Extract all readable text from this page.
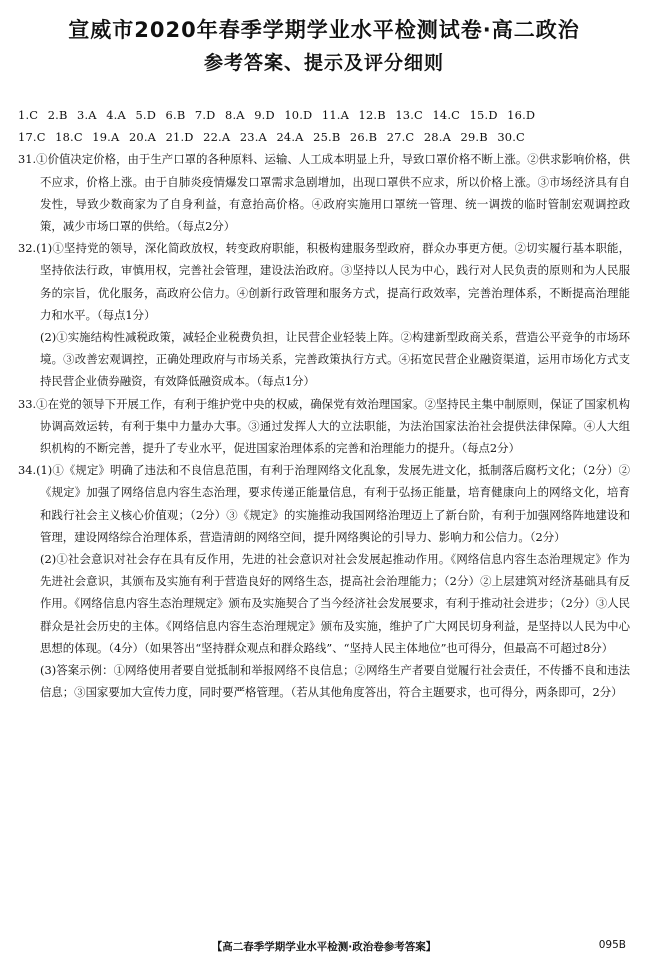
宣威市2020年春季学期学业水平检测试卷·高二政治
参考答案、提示及评分细则
1.C 2.B 3.A 4.A 5.D 6.B 7.D 8.A 9.D 10.D 11.A 12.B 13.C 14.C 15.D 16.D
17.C 18.C 19.A 20.A 21.D 22.A 23.A 24.A 25.B 26.B 27.C 28.A 29.B 30.C

31.①价值决定价格，由于生产口罩的各种原料、运输、人工成本明显上升，导致口罩价格不断上涨。②供求影响价格，供不应求，价格上涨。由于自肺炎疫情爆发口罩需求急剧增加，出现口罩供不应求，所以价格上涨。③市场经济具有自发性，导致少数商家为了自身利益，有意抬高价格。④政府实施用口罩统一管理、统一调拨的临时管制宏观调控政策，减少市场口罩的供给。（每点2分）

32.(1)①坚持党的领导，深化简政放权，转变政府职能，积极构建服务型政府，群众办事更方便。②切实履行基本职能，坚持依法行政，审慎用权，完善社会管理，建设法治政府。③坚持以人民为中心，践行对人民负责的原则和为人民服务的宗旨，优化服务，高政府公信力。④创新行政管理和服务方式，提高行政效率，完善治理体系，不断提高治理能力和水平。（每点1分）

(2)①实施结构性减税政策，减轻企业税费负担，让民营企业轻装上阵。②构建新型政商关系，营造公平竞争的市场环境。③改善宏观调控，正确处理政府与市场关系，完善政策执行方式。④拓宽民营企业融资渠道，运用市场化方式支持民营企业债券融资，有效降低融资成本。（每点1分）

33.①在党的领导下开展工作，有利于维护党中央的权威，确保党有效治理国家。②坚持民主集中制原则，保证了国家机构协调高效运转，有利于集中力量办大事。③通过发挥人大的立法职能，为法治国家法治社会提供法律保障。④人大组织机构的不断完善，提升了专业水平，促进国家治理体系的完善和治理能力的提升。（每点2分）

34.(1)①《规定》明确了违法和不良信息范围，有利于治理网络文化乱象，发展先进文化，抵制落后腐朽文化；（2分）②《规定》加强了网络信息内容生态治理，要求传递正能量信息，有利于弘扬正能量，培育健康向上的网络文化，培育和践行社会主义核心价值观；（2分）③《规定》的实施推动我国网络治理迈上了新台阶，有利于加强网络阵地建设和管理，建设网络综合治理体系，营造清朗的网络空间，提升网络舆论的引导力、影响力和公信力。（2分）

(2)①社会意识对社会存在具有反作用，先进的社会意识对社会发展起推动作用。《网络信息内容生态治理规定》作为先进社会意识，其颁布及实施有利于营造良好的网络生态，提高社会治理能力；（2分）②上层建筑对经济基础具有反作用。《网络信息内容生态治理规定》颁布及实施契合了当今经济社会发展要求，有利于推动社会进步；（2分）③人民群众是社会历史的主体。《网络信息内容生态治理规定》颁布及实施，维护了广大网民切身利益，是坚持以人民为中心思想的体现。（4分）（如果答出“坚持群众观点和群众路线”、“坚持人民主体地位”也可得分，但最高不可超过8分）

(3)答案示例：①网络使用者要自觉抵制和举报网络不良信息；②网络生产者要自觉履行社会责任，不传播不良和违法信息；③国家要加大宣传力度，同时要严格管理。（若从其他角度答出，符合主题要求，也可得分，两条即可，2分）

【高二春季学期学业水平检测·政治卷参考答案】	095B
